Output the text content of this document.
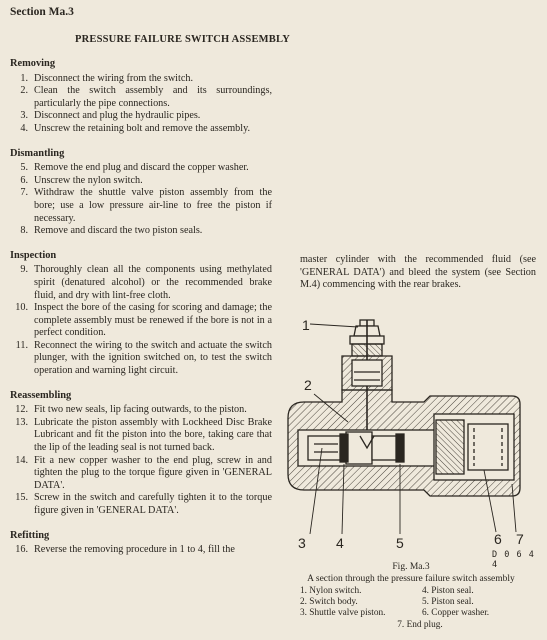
Section Ma.3
PRESSURE FAILURE SWITCH ASSEMBLY
Removing
1. Disconnect the wiring from the switch.
2. Clean the switch assembly and its surroundings, particularly the pipe connections.
3. Disconnect and plug the hydraulic pipes.
4. Unscrew the retaining bolt and remove the assembly.
Dismantling
5. Remove the end plug and discard the copper washer.
6. Unscrew the nylon switch.
7. Withdraw the shuttle valve piston assembly from the bore; use a low pressure air-line to free the piston if necessary.
8. Remove and discard the two piston seals.
Inspection
9. Thoroughly clean all the components using methylated spirit (denatured alcohol) or the recommended brake fluid, and dry with lint-free cloth.
10. Inspect the bore of the casing for scoring and damage; the complete assembly must be renewed if the bore is not in a perfect condition.
11. Reconnect the wiring to the switch and actuate the switch plunger, with the ignition switched on, to test the switch operation and warning light circuit.
Reassembling
12. Fit two new seals, lip facing outwards, to the piston.
13. Lubricate the piston assembly with Lockheed Disc Brake Lubricant and fit the piston into the bore, taking care that the lip of the leading seal is not turned back.
14. Fit a new copper washer to the end plug, screw in and tighten the plug to the torque figure given in 'GENERAL DATA'.
15. Screw in the switch and carefully tighten it to the torque figure given in 'GENERAL DATA'.
Refitting
16. Reverse the removing procedure in 1 to 4, fill the
master cylinder with the recommended fluid (see 'GENERAL DATA') and bleed the system (see Section M.4) commencing with the rear brakes.
1
2
3 4	5	6 7
D 0 6 4 4
Fig. Ma.3
A section through the pressure failure switch assembly
1. Nylon switch.	4. Piston seal.
2. Switch body.	5. Piston seal.
3. Shuttle valve piston.	6. Copper washer.
7. End plug.
